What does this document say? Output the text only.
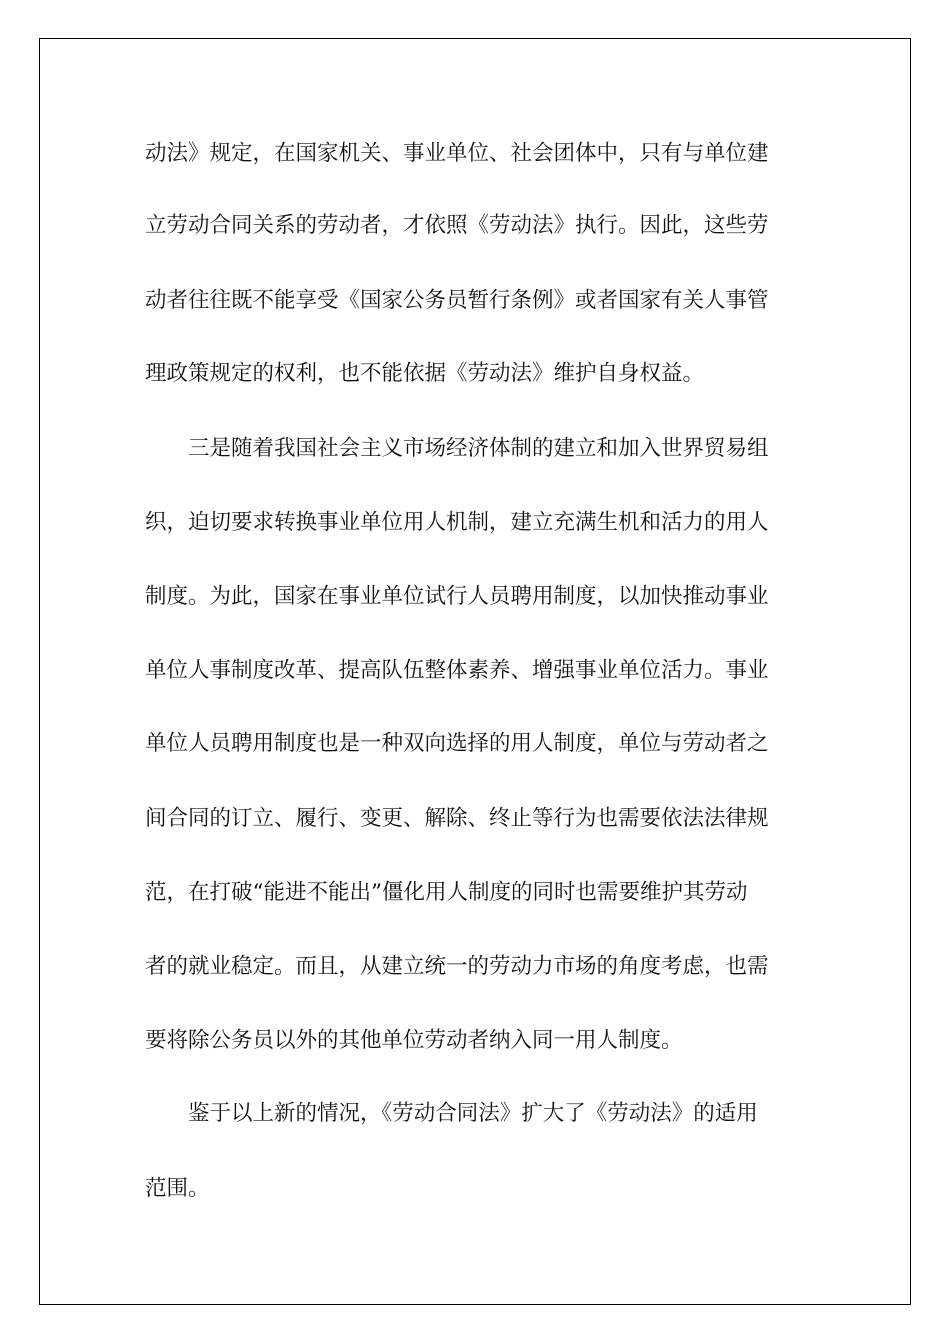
动法》规定，在国家机关、事业单位、社会团体中，只有与单位建

立劳动合同关系的劳动者，才依照《劳动法》执行。因此，这些劳

动者往往既不能享受《国家公务员暂行条例》或者国家有关人事管

理政策规定的权利，也不能依据《劳动法》维护自身权益。

三是随着我国社会主义市场经济体制的建立和加入世界贸易组

织，迫切要求转换事业单位用人机制，建立充满生机和活力的用人

制度。为此，国家在事业单位试行人员聘用制度，以加快推动事业

单位人事制度改革、提高队伍整体素养、增强事业单位活力。事业

单位人员聘用制度也是一种双向选择的用人制度，单位与劳动者之

间合同的订立、履行、变更、解除、终止等行为也需要依法法律规

范，在打破“能进不能出”僵化用人制度的同时也需要维护其劳动

者的就业稳定。而且，从建立统一的劳动力市场的角度考虑，也需

要将除公务员以外的其他单位劳动者纳入同一用人制度。

鉴于以上新的情况，《劳动合同法》扩大了《劳动法》的适用

范围。
